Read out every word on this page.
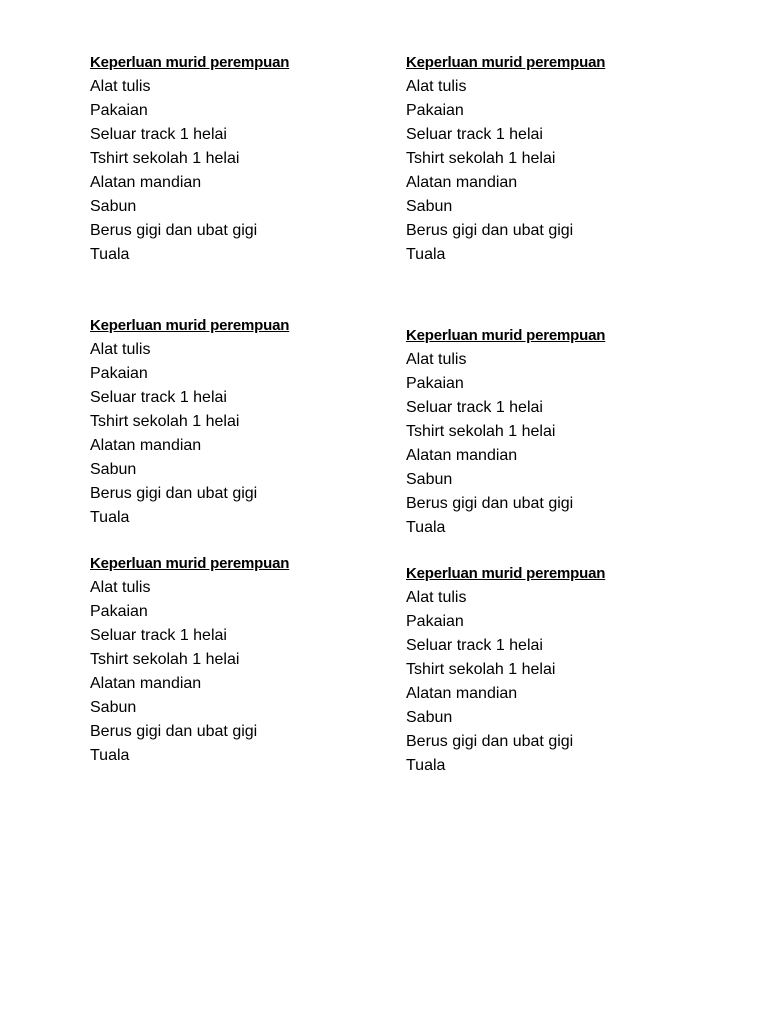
Keperluan murid perempuan
Alat tulis
Pakaian
Seluar track 1 helai
Tshirt sekolah 1 helai
Alatan mandian
Sabun
Berus gigi dan ubat gigi
Tuala
Keperluan murid perempuan
Alat tulis
Pakaian
Seluar track 1 helai
Tshirt sekolah 1 helai
Alatan mandian
Sabun
Berus gigi dan ubat gigi
Tuala
Keperluan murid perempuan
Alat tulis
Pakaian
Seluar track 1 helai
Tshirt sekolah 1 helai
Alatan mandian
Sabun
Berus gigi dan ubat gigi
Tuala
Keperluan murid perempuan
Alat tulis
Pakaian
Seluar track 1 helai
Tshirt sekolah 1 helai
Alatan mandian
Sabun
Berus gigi dan ubat gigi
Tuala
Keperluan murid perempuan
Alat tulis
Pakaian
Seluar track 1 helai
Tshirt sekolah 1 helai
Alatan mandian
Sabun
Berus gigi dan ubat gigi
Tuala
Keperluan murid perempuan
Alat tulis
Pakaian
Seluar track 1 helai
Tshirt sekolah 1 helai
Alatan mandian
Sabun
Berus gigi dan ubat gigi
Tuala
